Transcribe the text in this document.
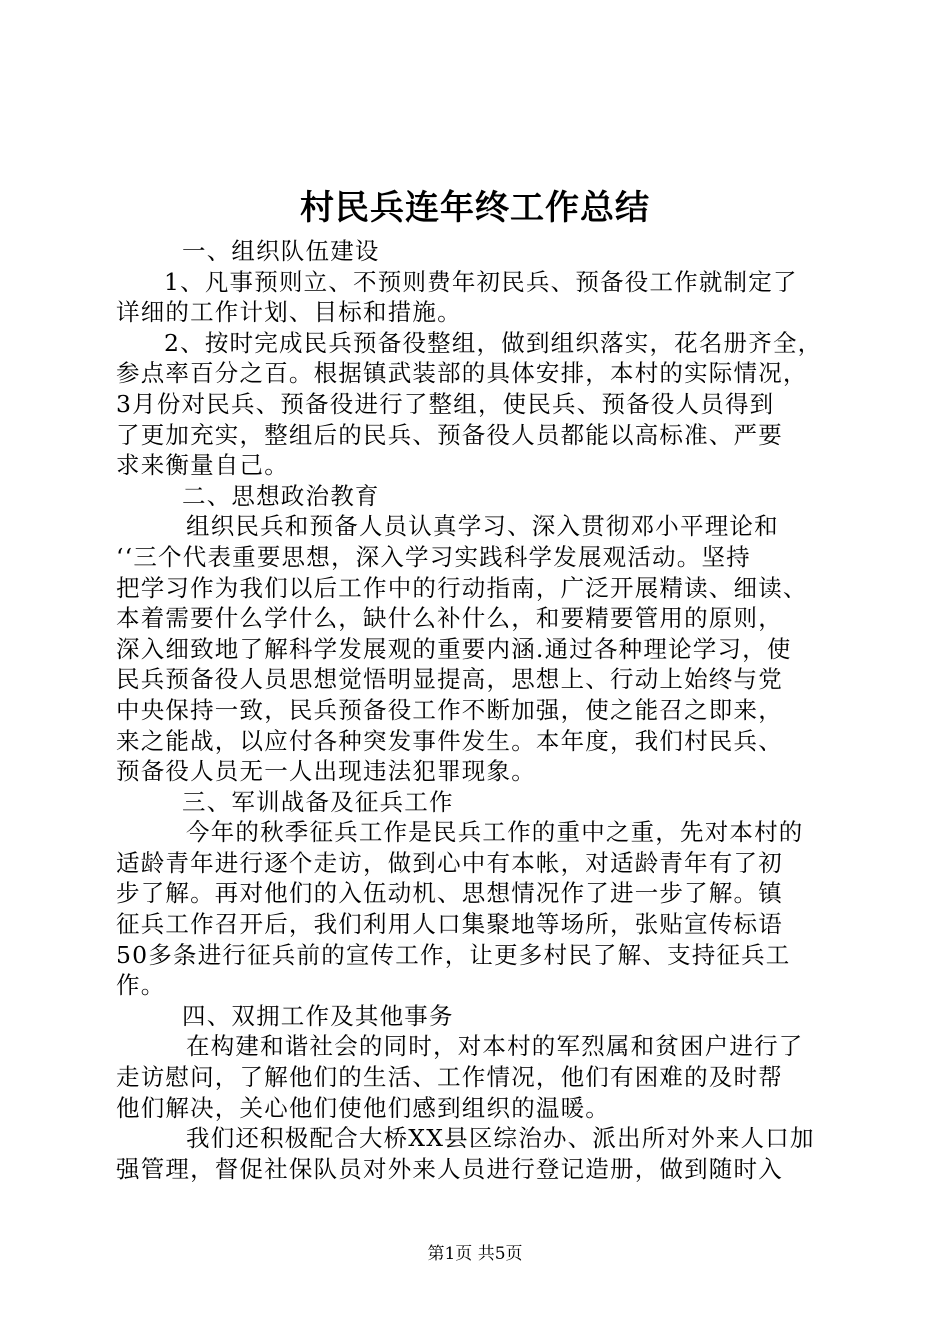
村民兵连年终工作总结
一、组织队伍建设
1、凡事预则立、不预则费年初民兵、预备役工作就制定了
详细的工作计划、目标和措施。
2、按时完成民兵预备役整组，做到组织落实，花名册齐全，
参点率百分之百。根据镇武装部的具体安排，本村的实际情况，
3月份对民兵、预备役进行了整组，使民兵、预备役人员得到
了更加充实，整组后的民兵、预备役人员都能以高标准、严要
求来衡量自己。
二、思想政治教育
组织民兵和预备人员认真学习、深入贯彻邓小平理论和
‘‘三个代表重要思想，深入学习实践科学发展观活动。坚持
把学习作为我们以后工作中的行动指南，广泛开展精读、细读、
本着需要什么学什么，缺什么补什么，和要精要管用的原则，
深入细致地了解科学发展观的重要内涵.通过各种理论学习，使
民兵预备役人员思想觉悟明显提高，思想上、行动上始终与党
中央保持一致，民兵预备役工作不断加强，使之能召之即来，
来之能战，以应付各种突发事件发生。本年度，我们村民兵、
预备役人员无一人出现违法犯罪现象。
三、军训战备及征兵工作
今年的秋季征兵工作是民兵工作的重中之重，先对本村的
适龄青年进行逐个走访，做到心中有本帐，对适龄青年有了初
步了解。再对他们的入伍动机、思想情况作了进一步了解。镇
征兵工作召开后，我们利用人口集聚地等场所，张贴宣传标语
50多条进行征兵前的宣传工作，让更多村民了解、支持征兵工
作。
四、双拥工作及其他事务
在构建和谐社会的同时，对本村的军烈属和贫困户进行了
走访慰问，了解他们的生活、工作情况，他们有困难的及时帮
他们解决，关心他们使他们感到组织的温暖。
我们还积极配合大桥XX县区综治办、派出所对外来人口加
强管理，督促社保队员对外来人员进行登记造册，做到随时入
第1页 共5页
